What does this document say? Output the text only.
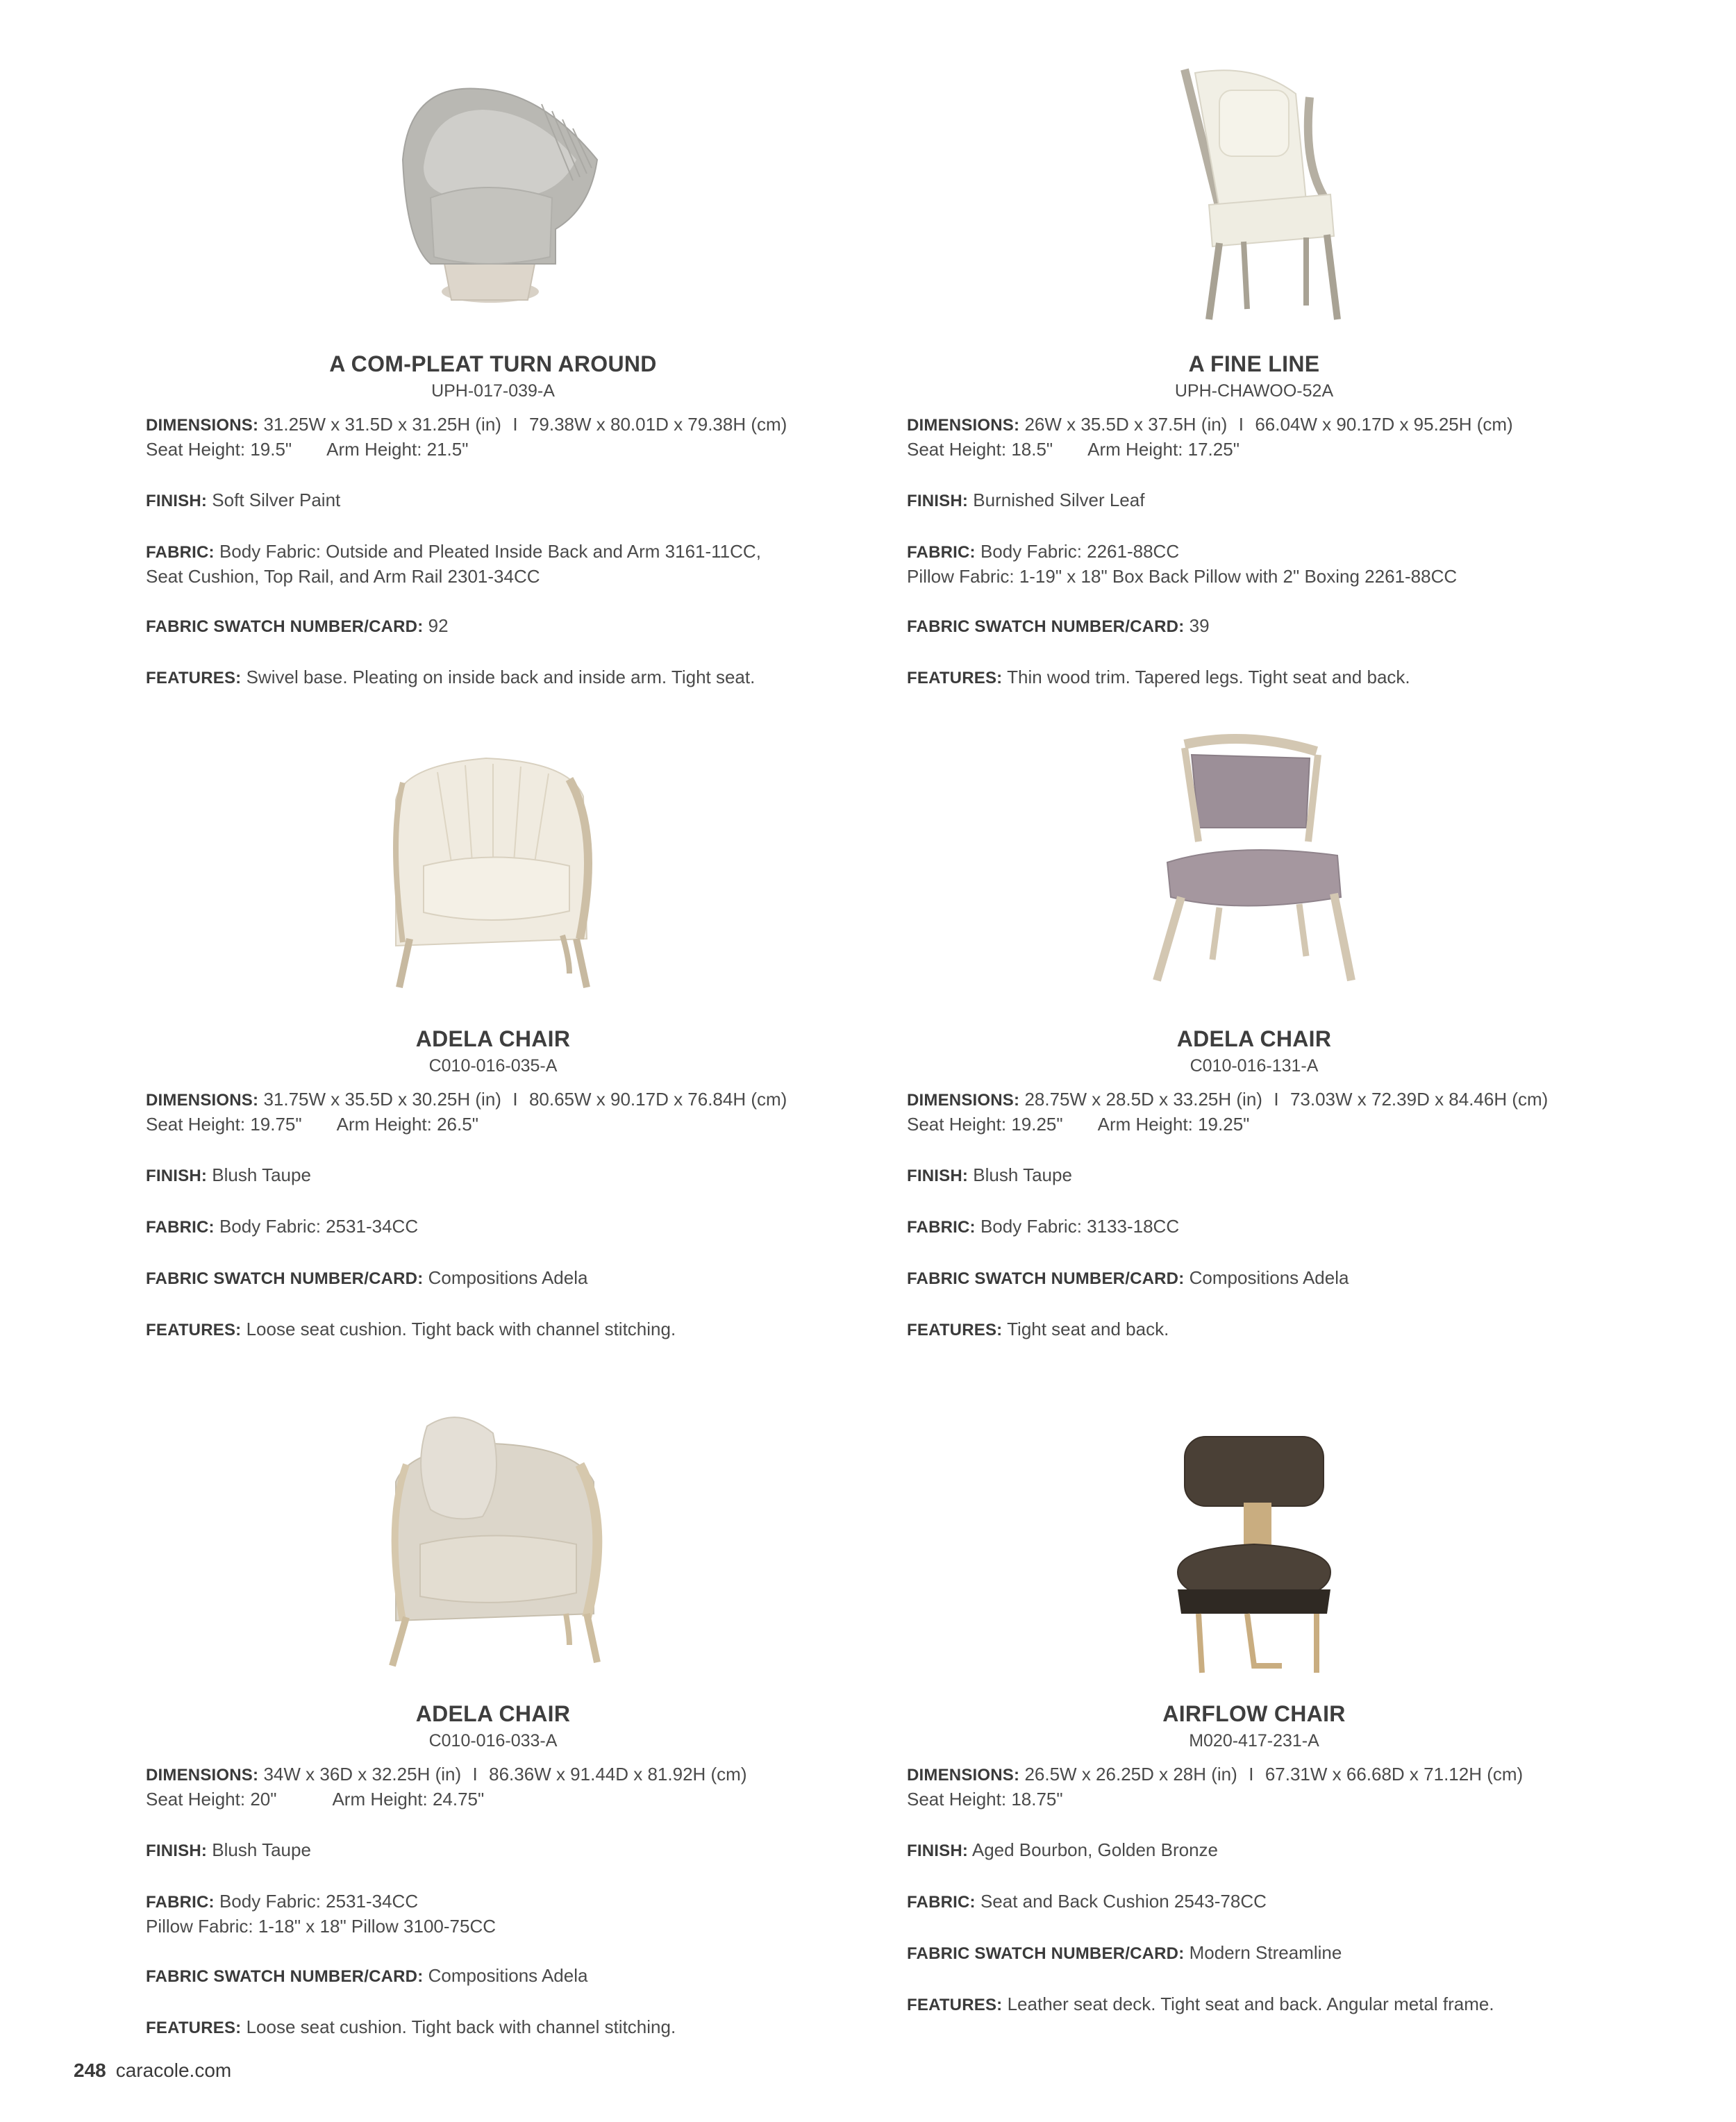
A COM-PLEAT TURN AROUND
UPH-017-039-A
DIMENSIONS: 31.25W x 31.5D x 31.25H (in) I 79.38W x 80.01D x 79.38H (cm)
Seat Height: 19.5" Arm Height: 21.5"
FINISH: Soft Silver Paint
FABRIC: Body Fabric: Outside and Pleated Inside Back and Arm 3161-11CC,
Seat Cushion, Top Rail, and Arm Rail 2301-34CC
FABRIC SWATCH NUMBER/CARD: 92
FEATURES: Swivel base. Pleating on inside back and inside arm. Tight seat.
A FINE LINE
UPH-CHAWOO-52A
DIMENSIONS: 26W x 35.5D x 37.5H (in) I 66.04W x 90.17D x 95.25H (cm)
Seat Height: 18.5" Arm Height: 17.25"
FINISH: Burnished Silver Leaf
FABRIC: Body Fabric: 2261-88CC
Pillow Fabric: 1-19" x 18" Box Back Pillow with 2" Boxing 2261-88CC
FABRIC SWATCH NUMBER/CARD: 39
FEATURES: Thin wood trim. Tapered legs. Tight seat and back.
ADELA CHAIR
C010-016-035-A
DIMENSIONS: 31.75W x 35.5D x 30.25H (in) I 80.65W x 90.17D x 76.84H (cm)
Seat Height: 19.75" Arm Height: 26.5"
FINISH: Blush Taupe
FABRIC: Body Fabric: 2531-34CC
FABRIC SWATCH NUMBER/CARD: Compositions Adela
FEATURES: Loose seat cushion. Tight back with channel stitching.
ADELA CHAIR
C010-016-131-A
DIMENSIONS: 28.75W x 28.5D x 33.25H (in) I 73.03W x 72.39D x 84.46H (cm)
Seat Height: 19.25" Arm Height: 19.25"
FINISH: Blush Taupe
FABRIC: Body Fabric: 3133-18CC
FABRIC SWATCH NUMBER/CARD: Compositions Adela
FEATURES: Tight seat and back.
ADELA CHAIR
C010-016-033-A
DIMENSIONS: 34W x 36D x 32.25H (in) I 86.36W x 91.44D x 81.92H (cm)
Seat Height: 20"	Arm Height: 24.75"
FINISH: Blush Taupe
FABRIC: Body Fabric: 2531-34CC
Pillow Fabric: 1-18" x 18" Pillow 3100-75CC
FABRIC SWATCH NUMBER/CARD: Compositions Adela
FEATURES: Loose seat cushion. Tight back with channel stitching.
AIRFLOW CHAIR
M020-417-231-A
DIMENSIONS: 26.5W x 26.25D x 28H (in) I 67.31W x 66.68D x 71.12H (cm)
Seat Height: 18.75"
FINISH: Aged Bourbon, Golden Bronze
FABRIC: Seat and Back Cushion 2543-78CC
FABRIC SWATCH NUMBER/CARD: Modern Streamline
FEATURES: Leather seat deck. Tight seat and back. Angular metal frame.
248 caracole.com
